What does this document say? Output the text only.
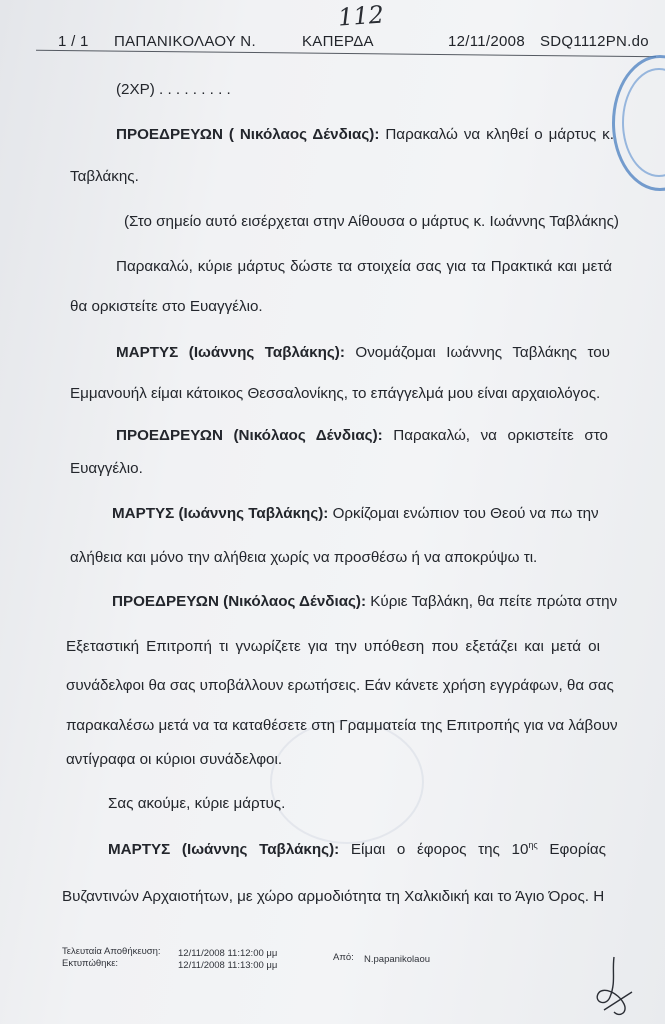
112
1 / 1 ΠΑΠΑΝΙΚΟΛΑΟΥ Ν.	ΚΑΠΕΡΔΑ	12/11/2008 SDQ1112PN.do
(2ΧΡ) . . . . . . . . .
ΠΡΟΕΔΡΕΥΩΝ ( Νικόλαος Δένδιας): Παρακαλώ να κληθεί ο μάρτυς κ.
Ταβλάκης.
(Στο σημείο αυτό εισέρχεται στην Αίθουσα ο μάρτυς κ. Ιωάννης Ταβλάκης)
Παρακαλώ, κύριε μάρτυς δώστε τα στοιχεία σας για τα Πρακτικά και μετά
θα ορκιστείτε στο Ευαγγέλιο.
ΜΑΡΤΥΣ (Ιωάννης Ταβλάκης): Ονομάζομαι Ιωάννης Ταβλάκης του
Εμμανουήλ είμαι κάτοικος Θεσσαλονίκης, το επάγγελμά μου είναι αρχαιολόγος.
ΠΡΟΕΔΡΕΥΩΝ (Νικόλαος Δένδιας): Παρακαλώ, να ορκιστείτε στο
Ευαγγέλιο.
ΜΑΡΤΥΣ (Ιωάννης Ταβλάκης): Ορκίζομαι ενώπιον του Θεού να πω την
αλήθεια και μόνο την αλήθεια χωρίς να προσθέσω ή να αποκρύψω τι.
ΠΡΟΕΔΡΕΥΩΝ (Νικόλαος Δένδιας): Κύριε Ταβλάκη, θα πείτε πρώτα στην
Εξεταστική Επιτροπή τι γνωρίζετε για την υπόθεση που εξετάζει και μετά οι
συνάδελφοι θα σας υποβάλλουν ερωτήσεις. Εάν κάνετε χρήση εγγράφων, θα σας
παρακαλέσω μετά να τα καταθέσετε στη Γραμματεία της Επιτροπής για να λάβουν
αντίγραφα οι κύριοι συνάδελφοι.
Σας ακούμε, κύριε μάρτυς.
ΜΑΡΤΥΣ (Ιωάννης Ταβλάκης): Είμαι ο έφορος της $10^{\eta\varsigma}$ Εφορίας
Βυζαντινών Αρχαιοτήτων, με χώρο αρμοδιότητα τη Χαλκιδική και το Άγιο Όρος. Η
Τελευταία Αποθήκευση: 12/11/2008 11:12:00 μμ
Εκτυπώθηκε:	12/11/2008 11:13:00 μμ
Από: N.papanikolaou
